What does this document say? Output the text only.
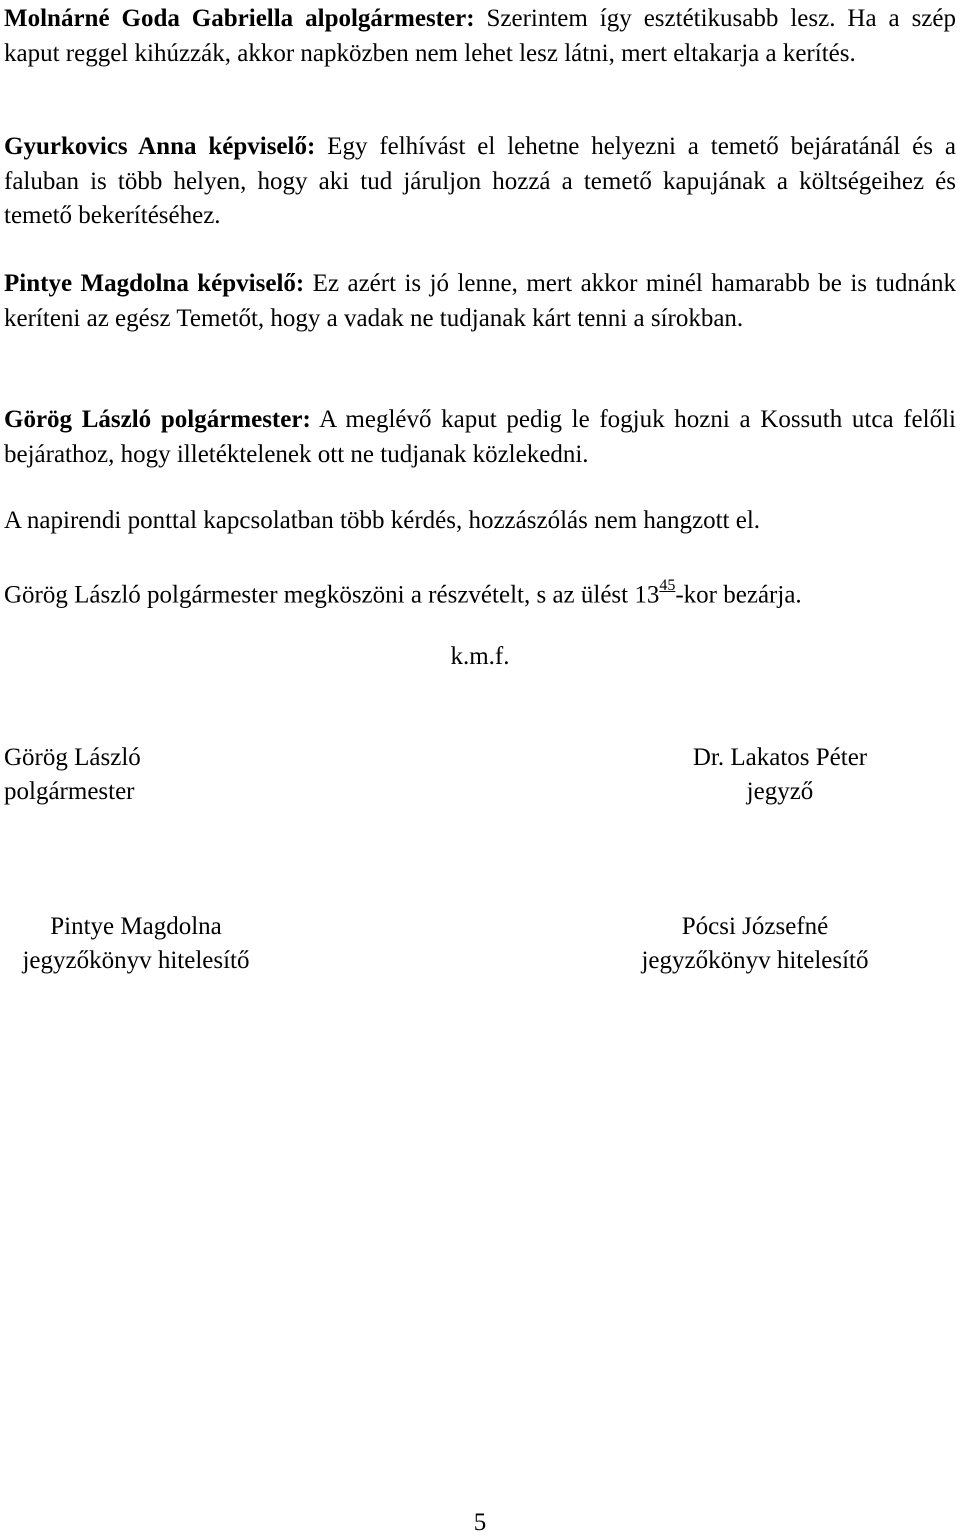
Molnárné Goda Gabriella alpolgármester: Szerintem így esztétikusabb lesz. Ha a szép kaput reggel kihúzzák, akkor napközben nem lehet lesz látni, mert eltakarja a kerítés.

Gyurkovics Anna képviselő: Egy felhívást el lehetne helyezni a temető bejáratánál és a faluban is több helyen, hogy aki tud járuljon hozzá a temető kapujának a költségeihez és temető bekerítéséhez.

Pintye Magdolna képviselő: Ez azért is jó lenne, mert akkor minél hamarabb be is tudnánk keríteni az egész Temetőt, hogy a vadak ne tudjanak kárt tenni a sírokban.

Görög László polgármester: A meglévő kaput pedig le fogjuk hozni a Kossuth utca felőli bejárathoz, hogy illetéktelenek ott ne tudjanak közlekedni.

A napirendi ponttal kapcsolatban több kérdés, hozzászólás nem hangzott el.

Görög László polgármester megköszöni a részvételt, s az ülést $13^{45}$-kor bezárja.

k.m.f.
Görög László
polgármester
Dr. Lakatos Péter
jegyző
Pintye Magdolna
jegyzőkönyv hitelesítő
Pócsi Józsefné
jegyzőkönyv hitelesítő
5
